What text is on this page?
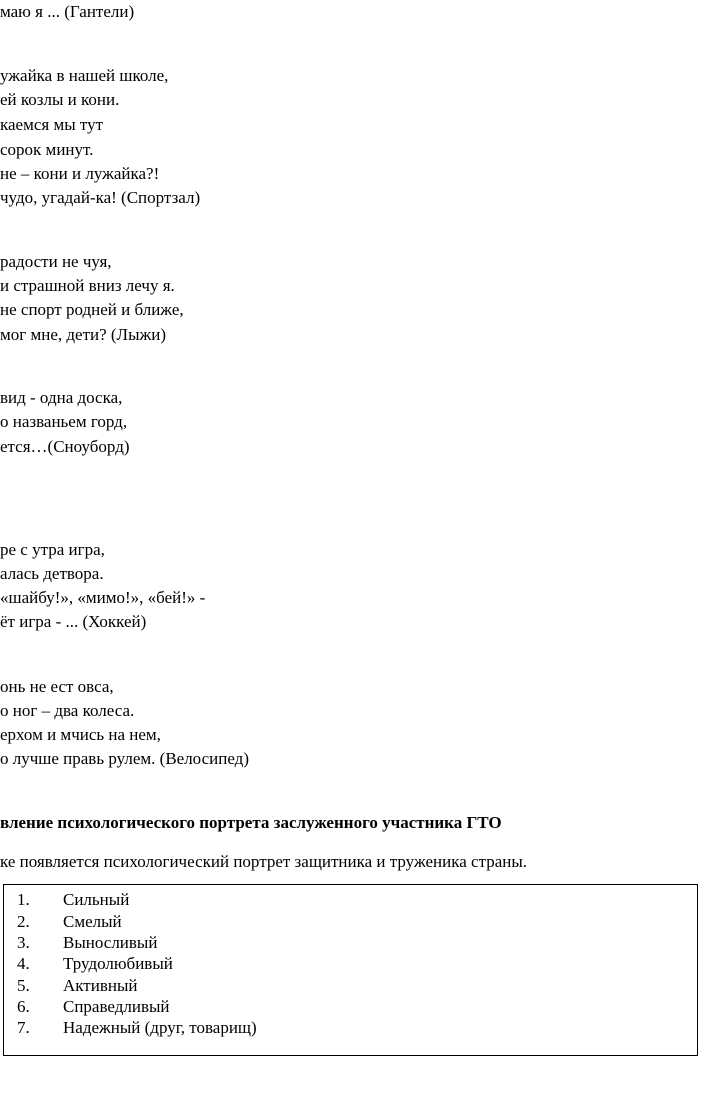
маю я ... (Гантели)
ужайка в нашей школе,
ей козлы и кони.
каемся мы тут
сорок минут.
не – кони и лужайка?!
чудо, угадай-ка! (Спортзал)
радости не чуя,
и страшной вниз лечу я.
не спорт родней и ближе,
мог мне, дети? (Лыжи)
вид - одна доска,
о названьем горд,
ется…(Сноуборд)
ре с утра игра,
алась детвора.
«шайбу!», «мимо!», «бей!» -
ёт игра - ... (Хоккей)
онь не ест овса,
о ног – два колеса.
ерхом и мчись на нем,
о лучше правь рулем. (Велосипед)
вление психологического портрета заслуженного участника ГТО
ке появляется психологический портрет защитника и труженика страны.
1. Сильный
2. Смелый
3. Выносливый
4. Трудолюбивый
5. Активный
6. Справедливый
7. Надежный (друг, товарищ)
